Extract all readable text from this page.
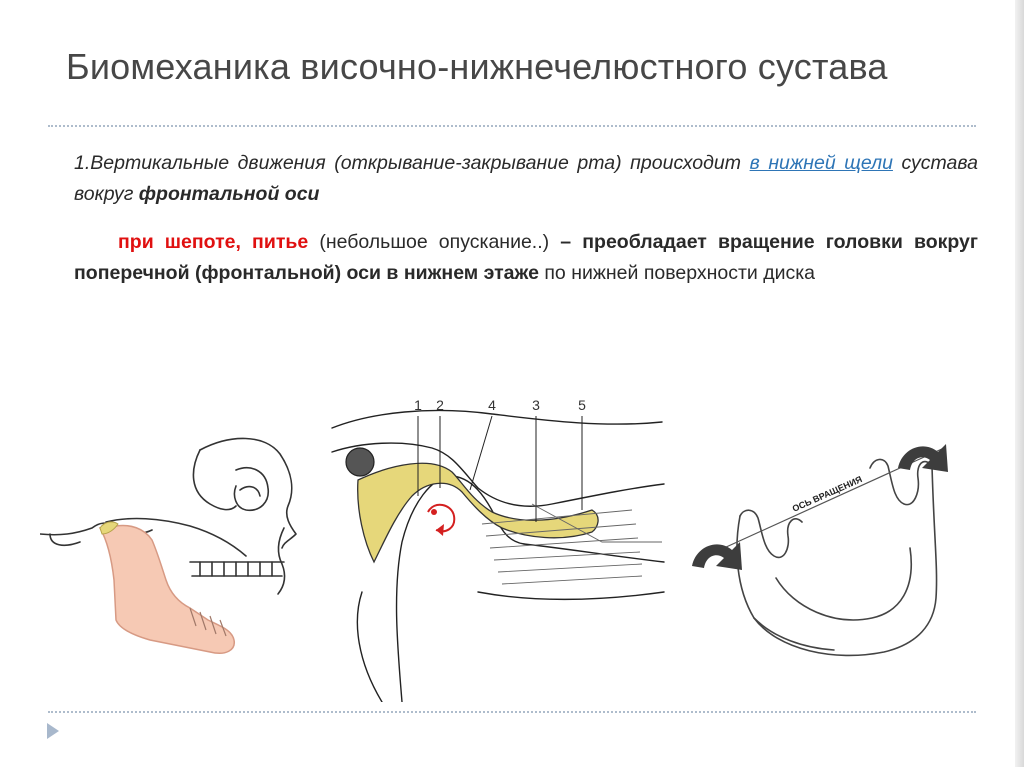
Биомеханика височно-нижнечелюстного сустава
1.Вертикальные движения (открывание-закрывание рта) происходит в нижней щели сустава вокруг фронтальной оси
при шепоте, питье (небольшое опускание..) – преобладает вращение головки вокруг поперечной (фронтальной) оси в нижнем этаже по нижней поверхности диска
1 2	4	3	5
ОСЬ ВРАЩЕНИЯ
